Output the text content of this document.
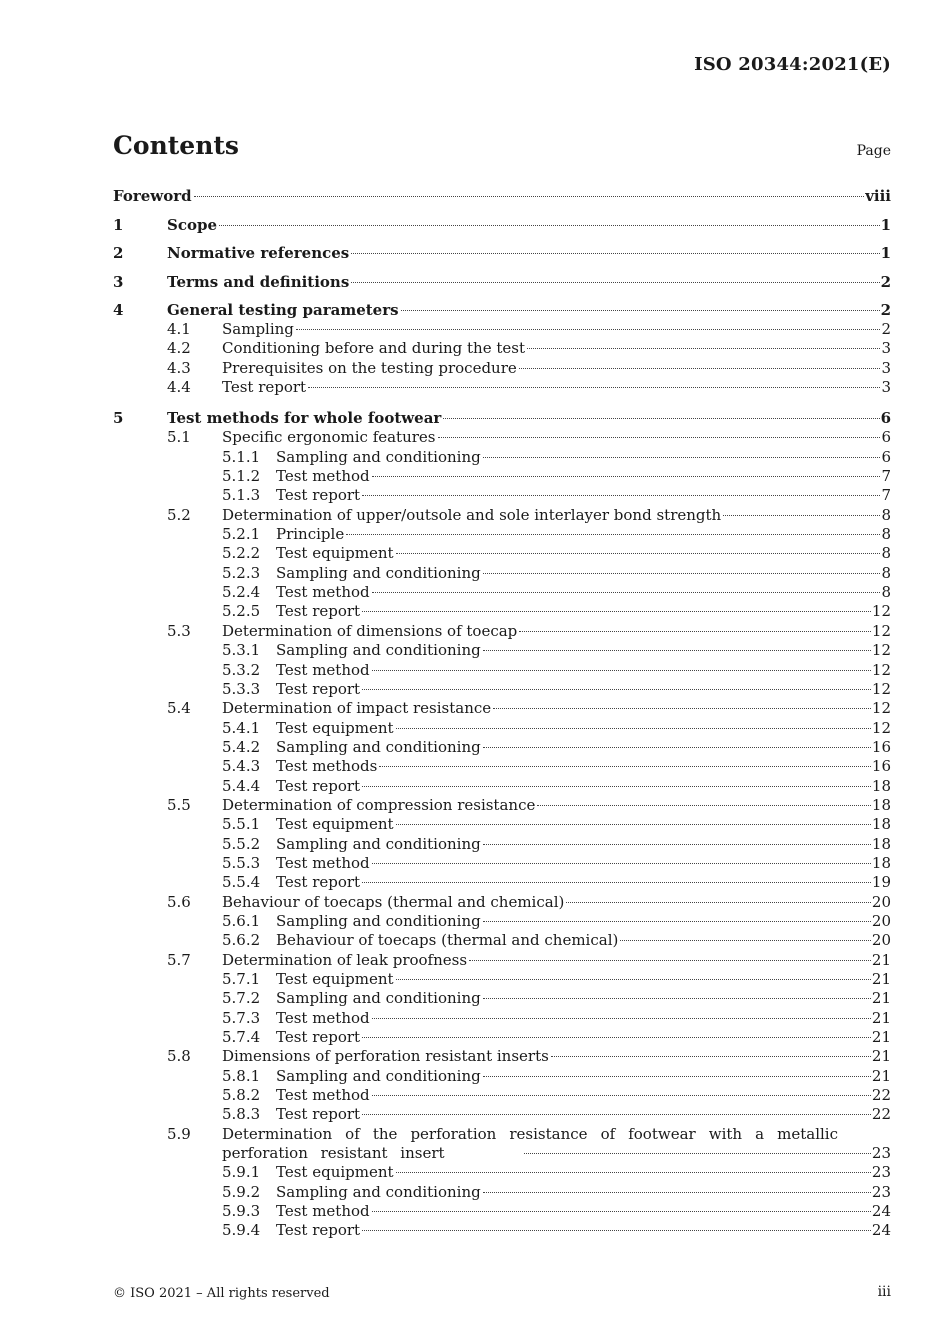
ISO 20344:2021(E)
Contents	Page
Foreword	viii
1	Scope	1
2	Normative references	1
3	Terms and definitions	2
4	General testing parameters	2
4.1 Sampling	2
4.2 Conditioning before and during the test	3
4.3 Prerequisites on the testing procedure	3
4.4 Test report	3
5	Test methods for whole footwear	6
5.1 Specific ergonomic features	6
5.1.1 Sampling and conditioning	6
5.1.2 Test method	7
5.1.3 Test report	7
5.2 Determination of upper/outsole and sole interlayer bond strength	8
5.2.1 Principle	8
5.2.2 Test equipment	8
5.2.3 Sampling and conditioning	8
5.2.4 Test method	8
5.2.5 Test report	12
5.3 Determination of dimensions of toecap	12
5.3.1 Sampling and conditioning	12
5.3.2 Test method	12
5.3.3 Test report	12
5.4 Determination of impact resistance	12
5.4.1 Test equipment	12
5.4.2 Sampling and conditioning	16
5.4.3 Test methods	16
5.4.4 Test report	18
5.5 Determination of compression resistance	18
5.5.1 Test equipment	18
5.5.2 Sampling and conditioning	18
5.5.3 Test method	18
5.5.4 Test report	19
5.6 Behaviour of toecaps (thermal and chemical)	20
5.6.1 Sampling and conditioning	20
5.6.2 Behaviour of toecaps (thermal and chemical)	20
5.7 Determination of leak proofness	21
5.7.1 Test equipment	21
5.7.2 Sampling and conditioning	21
5.7.3 Test method	21
5.7.4 Test report	21
5.8 Dimensions of perforation resistant inserts	21
5.8.1 Sampling and conditioning	21
5.8.2 Test method	22
5.8.3 Test report	22
5.9 Determination of the perforation resistance of footwear with a metallic perforation resistant insert	23
5.9.1 Test equipment	23
5.9.2 Sampling and conditioning	23
5.9.3 Test method	24
5.9.4 Test report	24
© ISO 2021 – All rights reserved	iii
